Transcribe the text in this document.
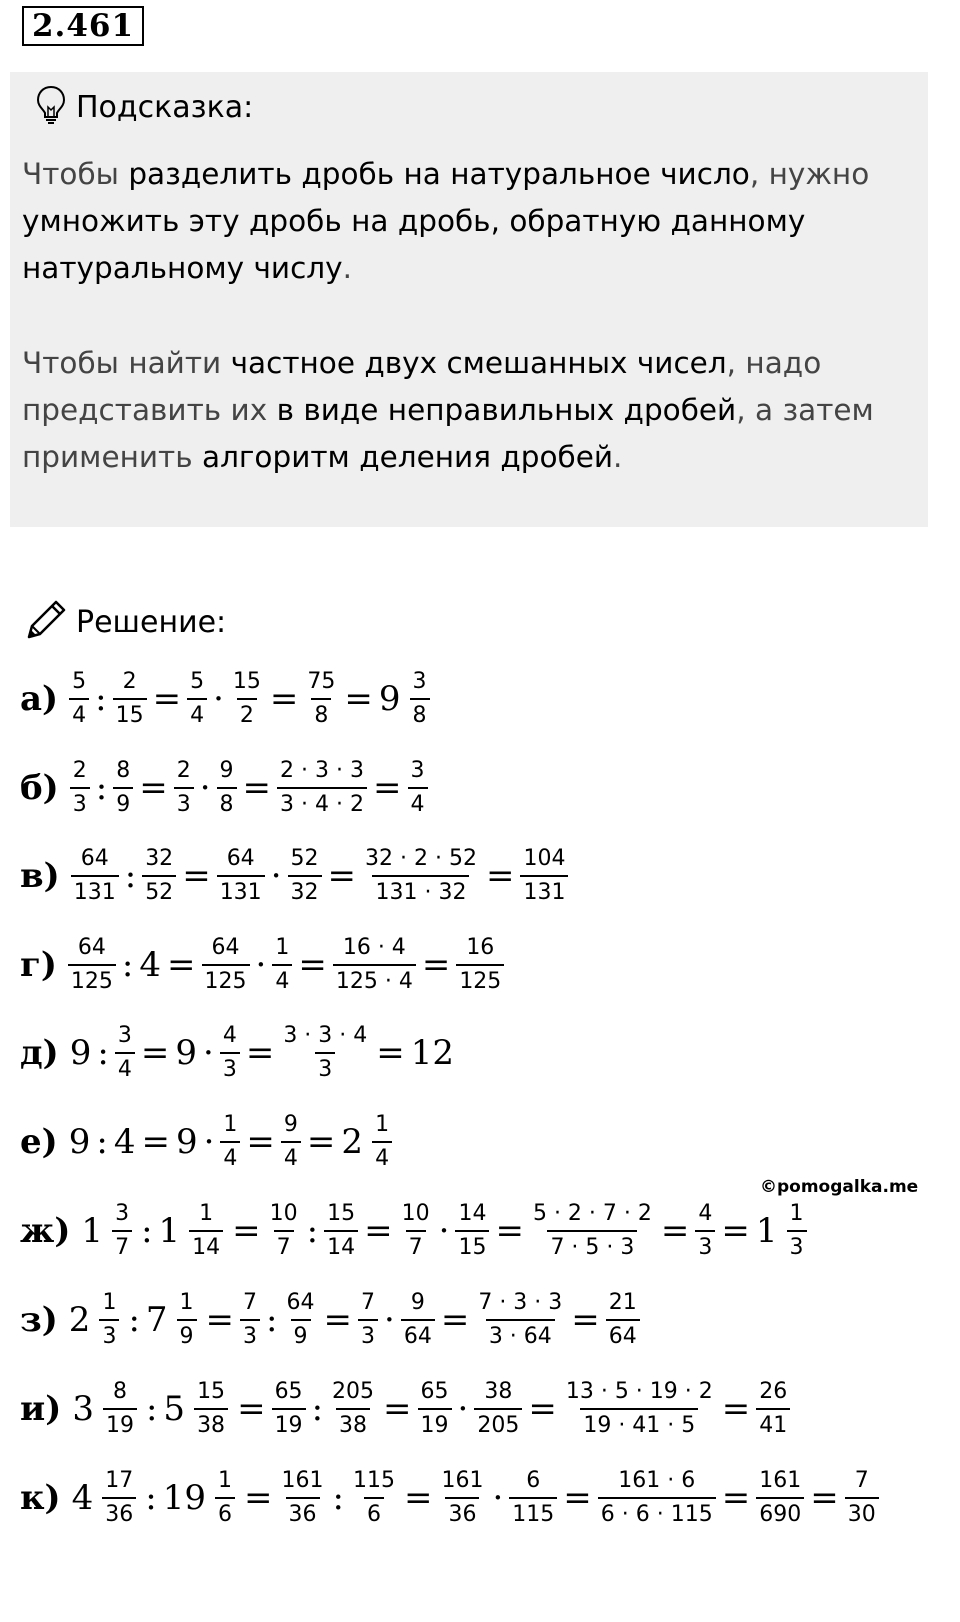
2.461
Подсказка:
Чтобы разделить дробь на натуральное число, нужно умножить эту дробь на дробь, обратную данному натуральному числу.
Чтобы найти частное двух смешанных чисел, надо представить их в виде неправильных дробей, а затем применить алгоритм деления дробей.
Решение:
$а) \frac{5}{4}$ : $\frac{2}{15} = \frac{5}{4} \cdot \frac{15}{2} = \frac{75}{8} = 9 \frac{3}{8}$
$б) \frac{2}{3}$ : $\frac{8}{9} = \frac{2}{3} \cdot \frac{9}{8} = \frac{2 \cdot 3 \cdot 3}{3 \cdot 4 \cdot 2} = \frac{3}{4}$
$в) \frac{64}{131}$ : $\frac{32}{52} = \frac{64}{131} \cdot \frac{52}{32} = \frac{32 \cdot 2 \cdot 52}{131 \cdot 32} = \frac{104}{131}$
$г) \frac{64}{125}$ : $4 = \frac{64}{125} \cdot \frac{1}{4} = \frac{16 \cdot 4}{125 \cdot 4} = \frac{16}{125}$
д) 9 : $\frac{3}{4} = 9 \cdot \frac{4}{3} = \frac{3 \cdot 3 \cdot 4}{3} = 12$
е) 9 : $4 = 9 \cdot \frac{1}{4} = \frac{9}{4} = 2 \frac{1}{4}$
ж) $1 \frac{3}{7}$ : $1 \frac{1}{14} = \frac{10}{7}$ : $\frac{15}{14} = \frac{10}{7} \cdot \frac{14}{15} = \frac{5 \cdot 2 \cdot 7 \cdot 2}{7 \cdot 5 \cdot 3} = \frac{4}{3} = 1 \frac{1}{3}$
з) $2 \frac{1}{3}$ : $7 \frac{1}{9} = \frac{7}{3}$ : $\frac{64}{9} = \frac{7}{3} \cdot \frac{9}{64} = \frac{7 \cdot 3 \cdot 3}{3 \cdot 64} = \frac{21}{64}$
и) $3 \frac{8}{19}$ : $5 \frac{15}{38} = \frac{65}{19}$ : $\frac{205}{38} = \frac{65}{19} \cdot \frac{38}{205} = \frac{13 \cdot 5 \cdot 19 \cdot 2}{19 \cdot 41 \cdot 5} = \frac{26}{41}$
к) $4 \frac{17}{36}$ : $19 \frac{1}{6} = \frac{161}{36}$ : $\frac{115}{6} = \frac{161}{36} \cdot \frac{6}{115} = \frac{161 \cdot 6}{6 \cdot 6 \cdot 115} = \frac{161}{690} = \frac{7}{30}$
©pomogalka.me
